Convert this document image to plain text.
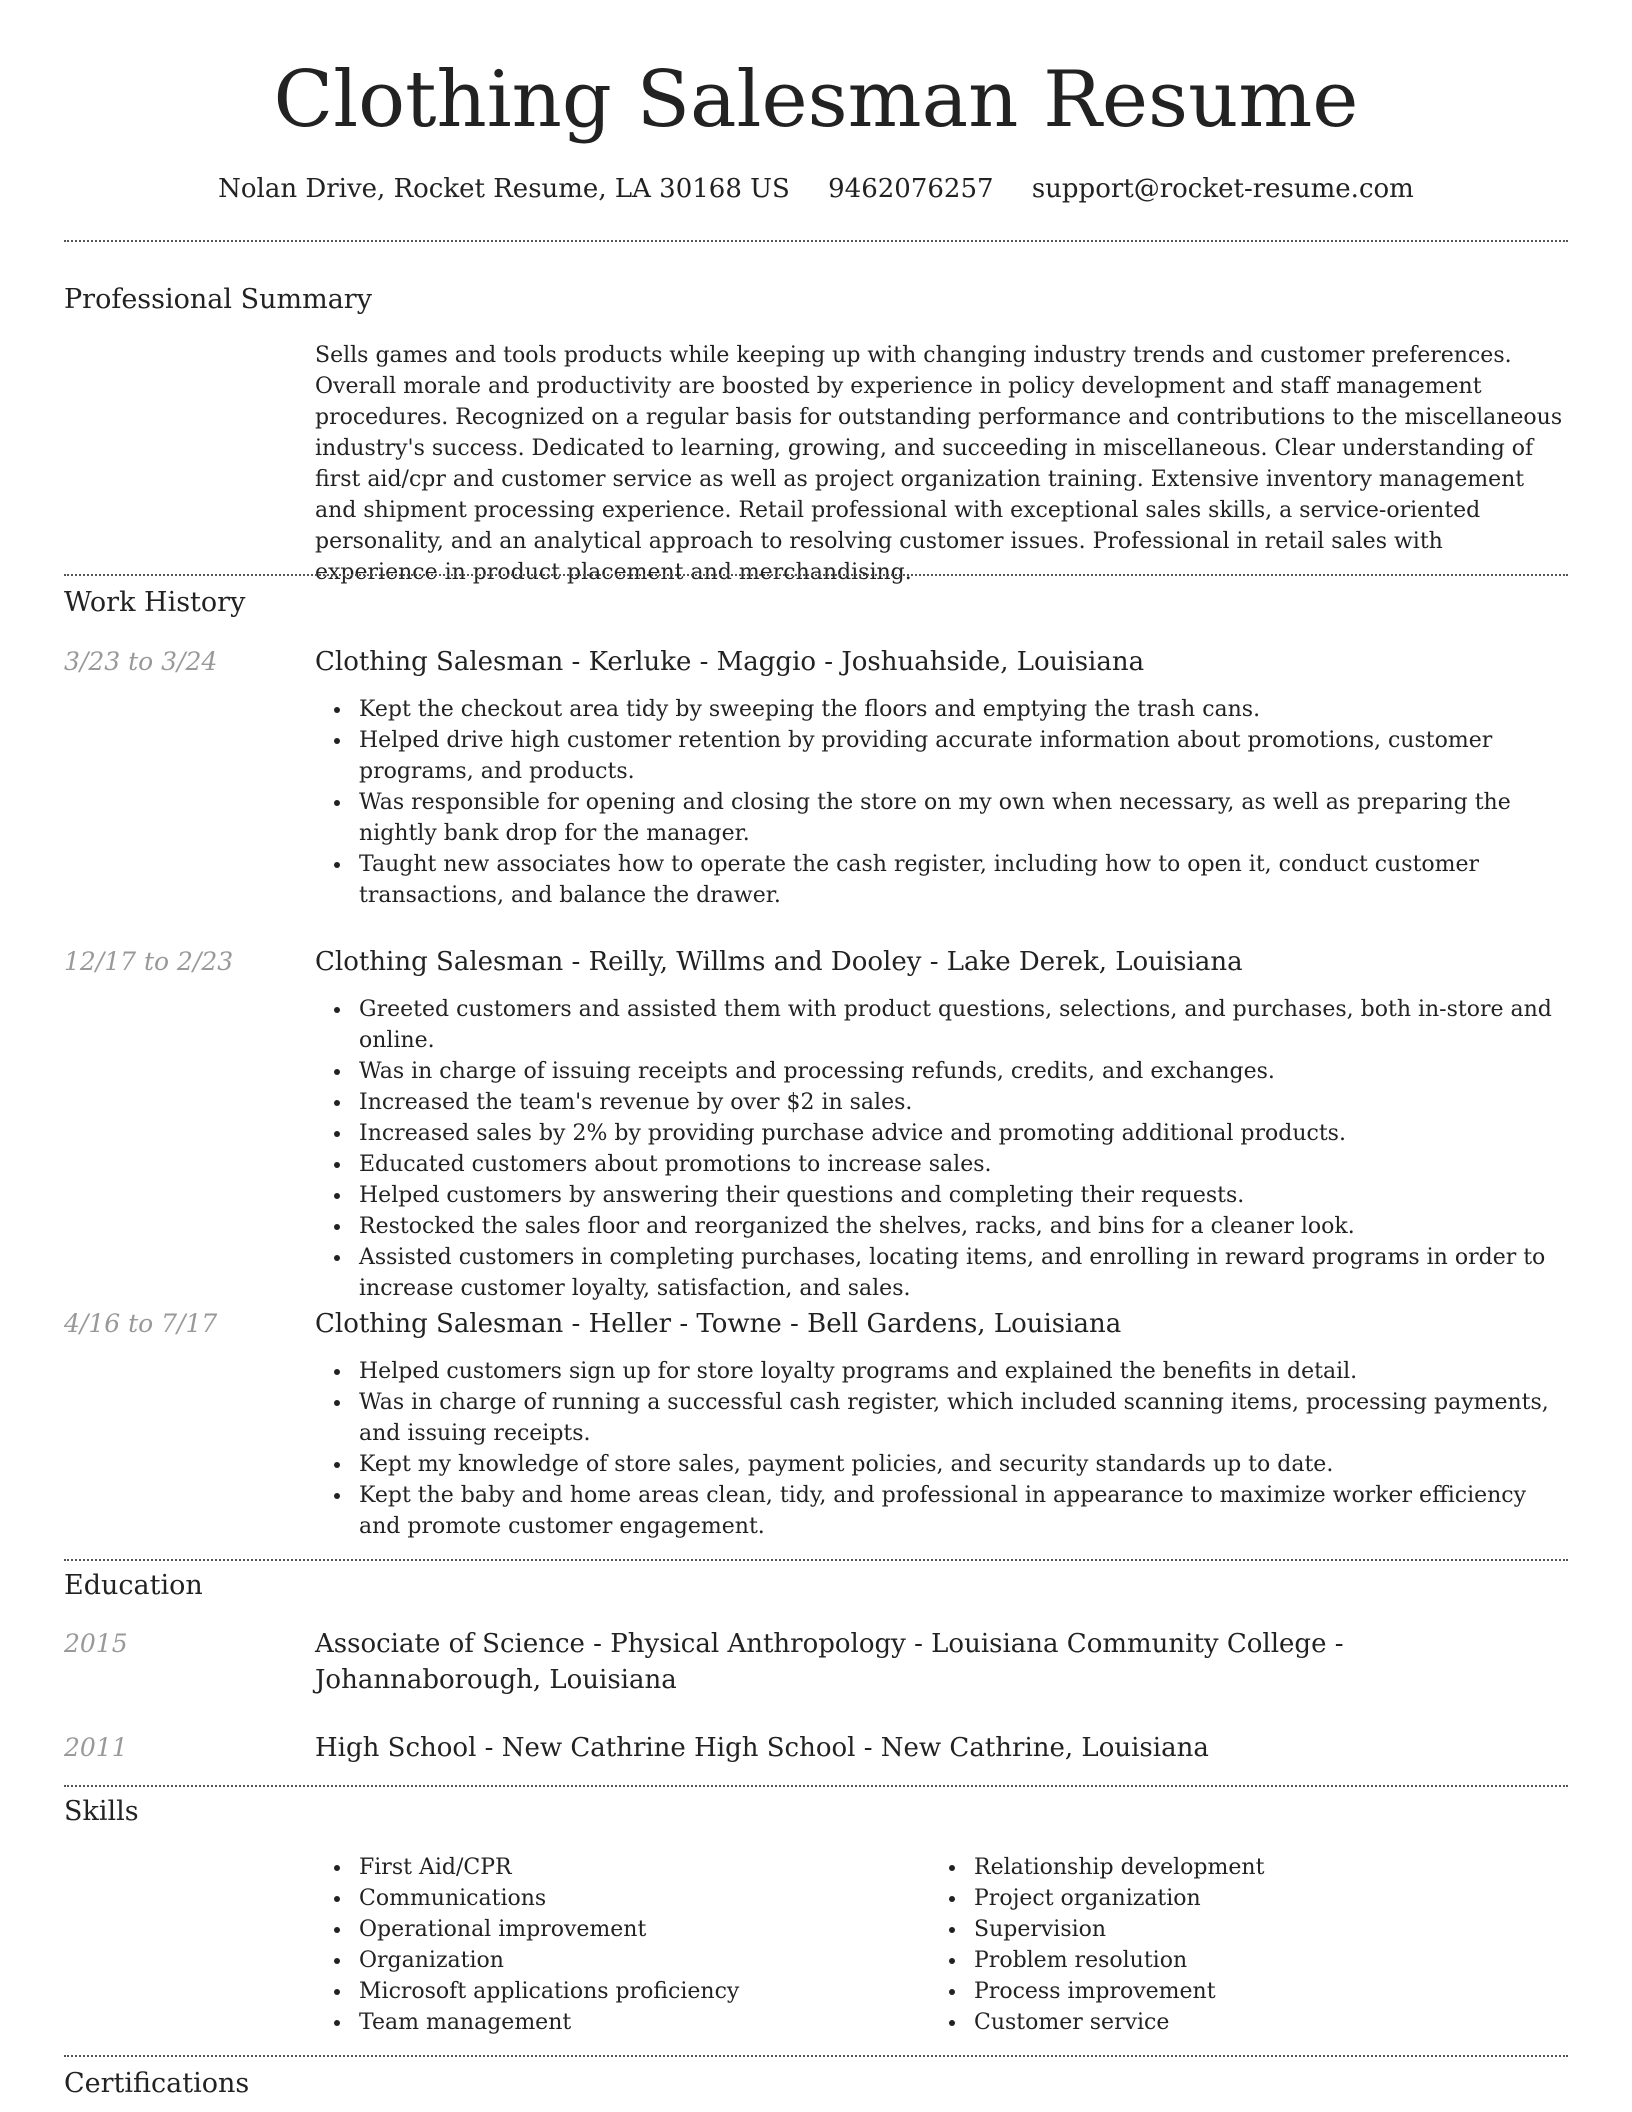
Clothing Salesman Resume
Nolan Drive, Rocket Resume, LA 30168 US 9462076257 support@rocket-resume.com
Professional Summary

Sells games and tools products while keeping up with changing industry trends and customer preferences. Overall morale and productivity are boosted by experience in policy development and staff management procedures. Recognized on a regular basis for outstanding performance and contributions to the miscellaneous industry's success. Dedicated to learning, growing, and succeeding in miscellaneous. Clear understanding of first aid/cpr and customer service as well as project organization training. Extensive inventory management and shipment processing experience. Retail professional with exceptional sales skills, a service-oriented personality, and an analytical approach to resolving customer issues. Professional in retail sales with experience in product placement and merchandising.

Work History
3/23 to 3/24	Clothing Salesman - Kerluke - Maggio - Joshuahside, Louisiana
Kept the checkout area tidy by sweeping the floors and emptying the trash cans.
Helped drive high customer retention by providing accurate information about promotions, customer programs, and products.
Was responsible for opening and closing the store on my own when necessary, as well as preparing the nightly bank drop for the manager.
Taught new associates how to operate the cash register, including how to open it, conduct customer transactions, and balance the drawer.
12/17 to 2/23	Clothing Salesman - Reilly, Willms and Dooley - Lake Derek, Louisiana
Greeted customers and assisted them with product questions, selections, and purchases, both in-store and online.
Was in charge of issuing receipts and processing refunds, credits, and exchanges.
Increased the team's revenue by over $2 in sales.
Increased sales by 2% by providing purchase advice and promoting additional products.
Educated customers about promotions to increase sales.
Helped customers by answering their questions and completing their requests.
Restocked the sales floor and reorganized the shelves, racks, and bins for a cleaner look.
Assisted customers in completing purchases, locating items, and enrolling in reward programs in order to increase customer loyalty, satisfaction, and sales.
4/16 to 7/17	Clothing Salesman - Heller - Towne - Bell Gardens, Louisiana
Helped customers sign up for store loyalty programs and explained the benefits in detail.
Was in charge of running a successful cash register, which included scanning items, processing payments, and issuing receipts.
Kept my knowledge of store sales, payment policies, and security standards up to date.
Kept the baby and home areas clean, tidy, and professional in appearance to maximize worker efficiency and promote customer engagement.
Education
2015	Associate of Science - Physical Anthropology - Louisiana Community College - Johannaborough, Louisiana
2011	High School - New Cathrine High School - New Cathrine, Louisiana
Skills
First Aid/CPR
Communications
Operational improvement
Organization
Microsoft applications proficiency
Team management
Relationship development
Project organization
Supervision
Problem resolution
Process improvement
Customer service
Certifications
